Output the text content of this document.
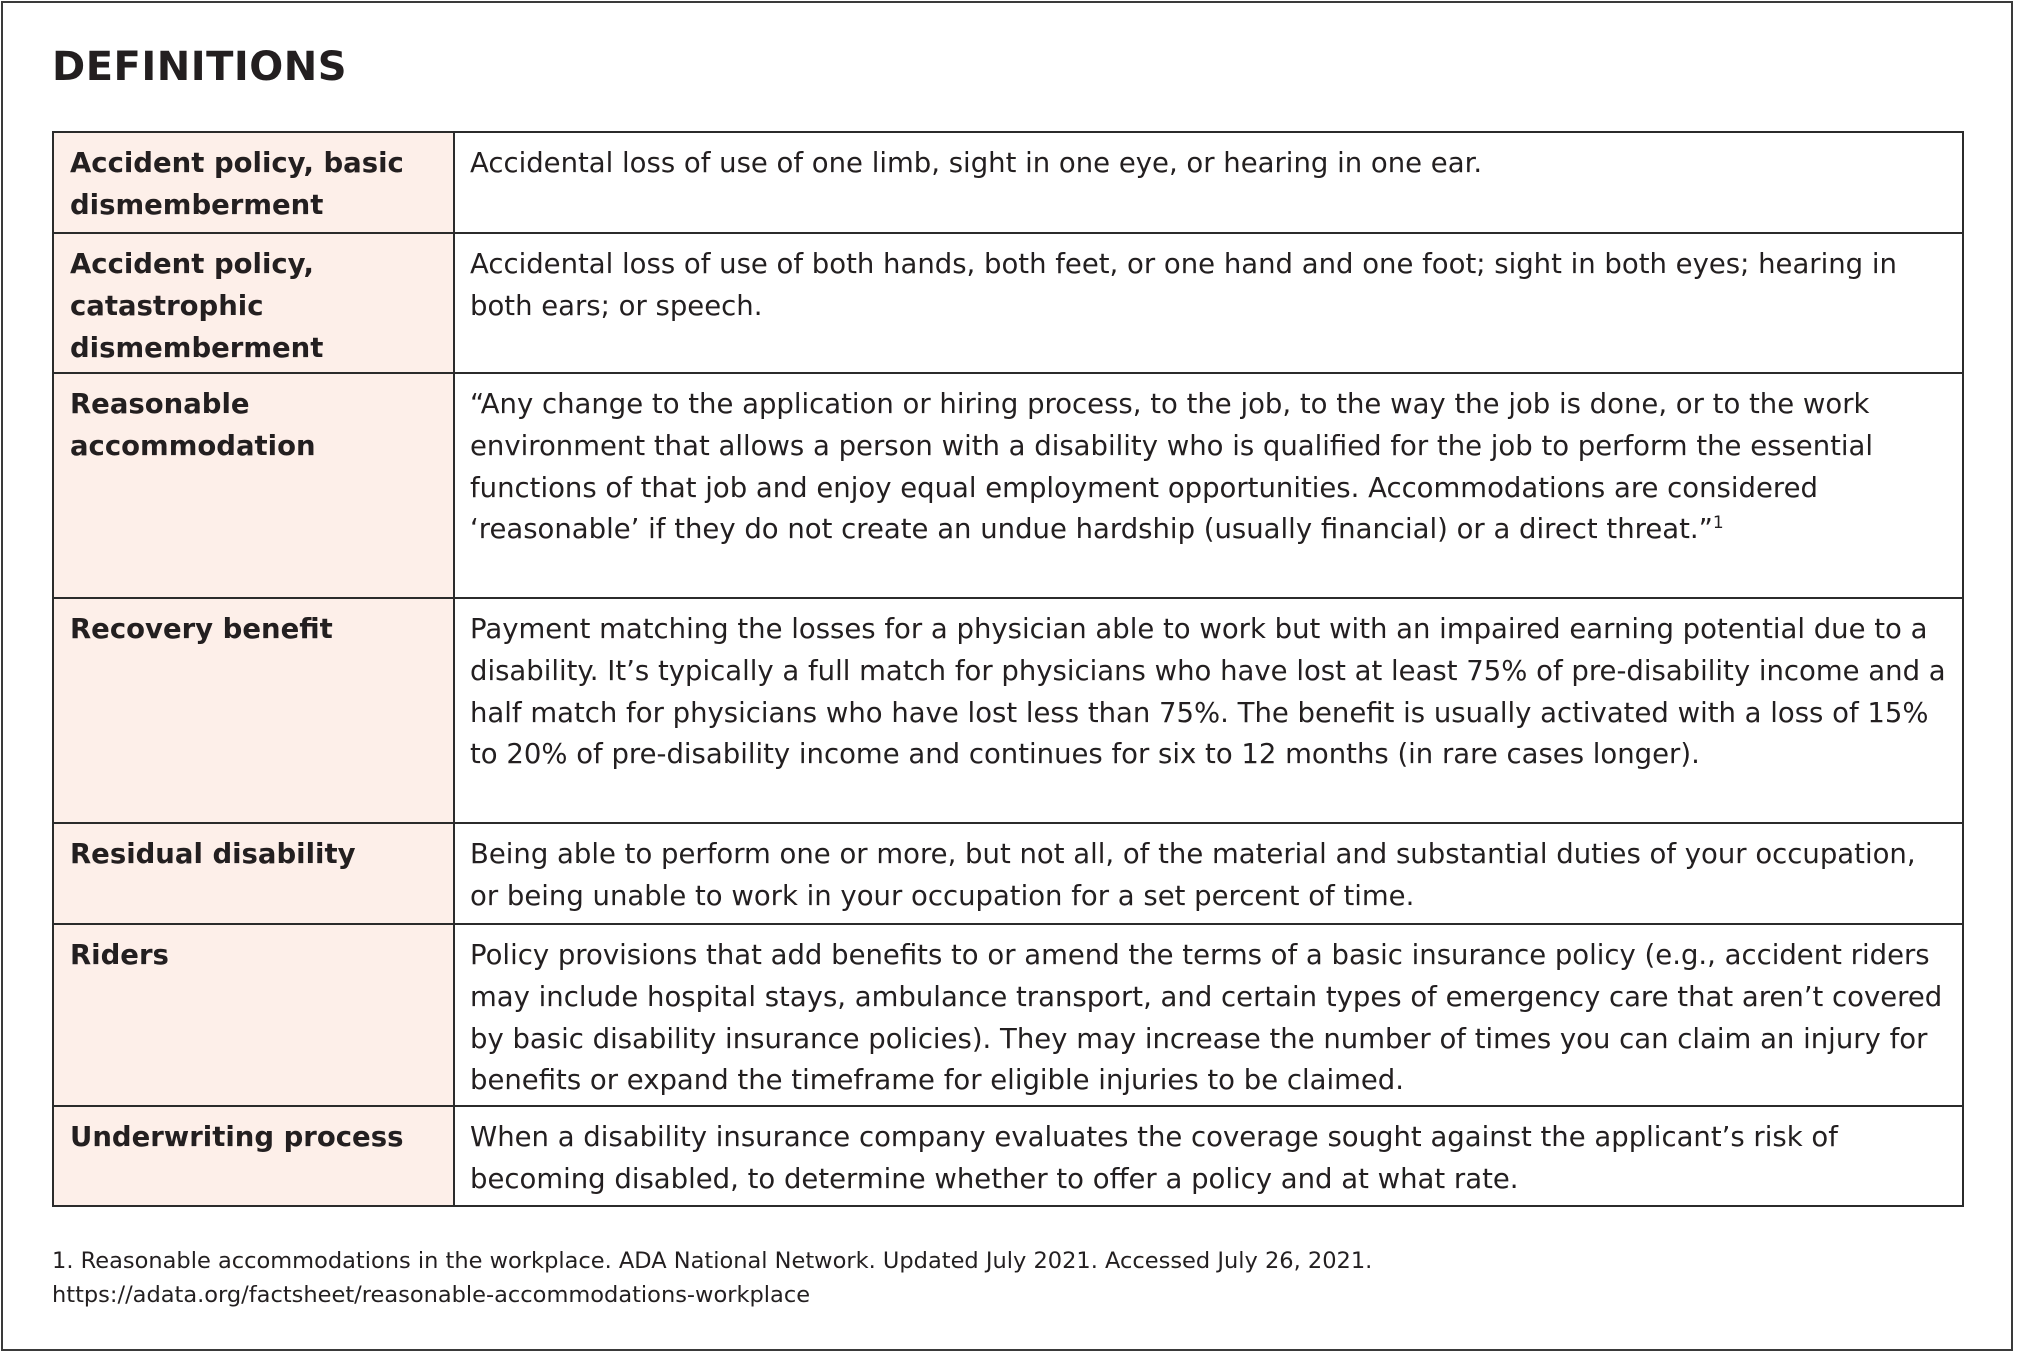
DEFINITIONS
Accident policy, basic dismemberment	Accidental loss of use of one limb, sight in one eye, or hearing in one ear.
Accident policy, catastrophic dismemberment	Accidental loss of use of both hands, both feet, or one hand and one foot; sight in both eyes; hearing in both ears; or speech.
Reasonable accommodation	“Any change to the application or hiring process, to the job, to the way the job is done, or to the work environment that allows a person with a disability who is qualified for the job to perform the essential functions of that job and enjoy equal employment opportunities. Accommodations are considered ‘reasonable’ if they do not create an undue hardship (usually financial) or a direct threat.”$^1$
Recovery benefit	Payment matching the losses for a physician able to work but with an impaired earning potential due to a disability. It’s typically a full match for physicians who have lost at least 75% of pre-disability income and a half match for physicians who have lost less than 75%. The benefit is usually activated with a loss of 15% to 20% of pre-disability income and continues for six to 12 months (in rare cases longer).
Residual disability	Being able to perform one or more, but not all, of the material and substantial duties of your occupation, or being unable to work in your occupation for a set percent of time.
Riders	Policy provisions that add benefits to or amend the terms of a basic insurance policy (e.g., accident riders may include hospital stays, ambulance transport, and certain types of emergency care that aren’t covered by basic disability insurance policies). They may increase the number of times you can claim an injury for benefits or expand the timeframe for eligible injuries to be claimed.
Underwriting process	When a disability insurance company evaluates the coverage sought against the applicant’s risk of becoming disabled, to determine whether to offer a policy and at what rate.
1. Reasonable accommodations in the workplace. ADA National Network. Updated July 2021. Accessed July 26, 2021. https://adata.org/factsheet/reasonable-accommodations-workplace
